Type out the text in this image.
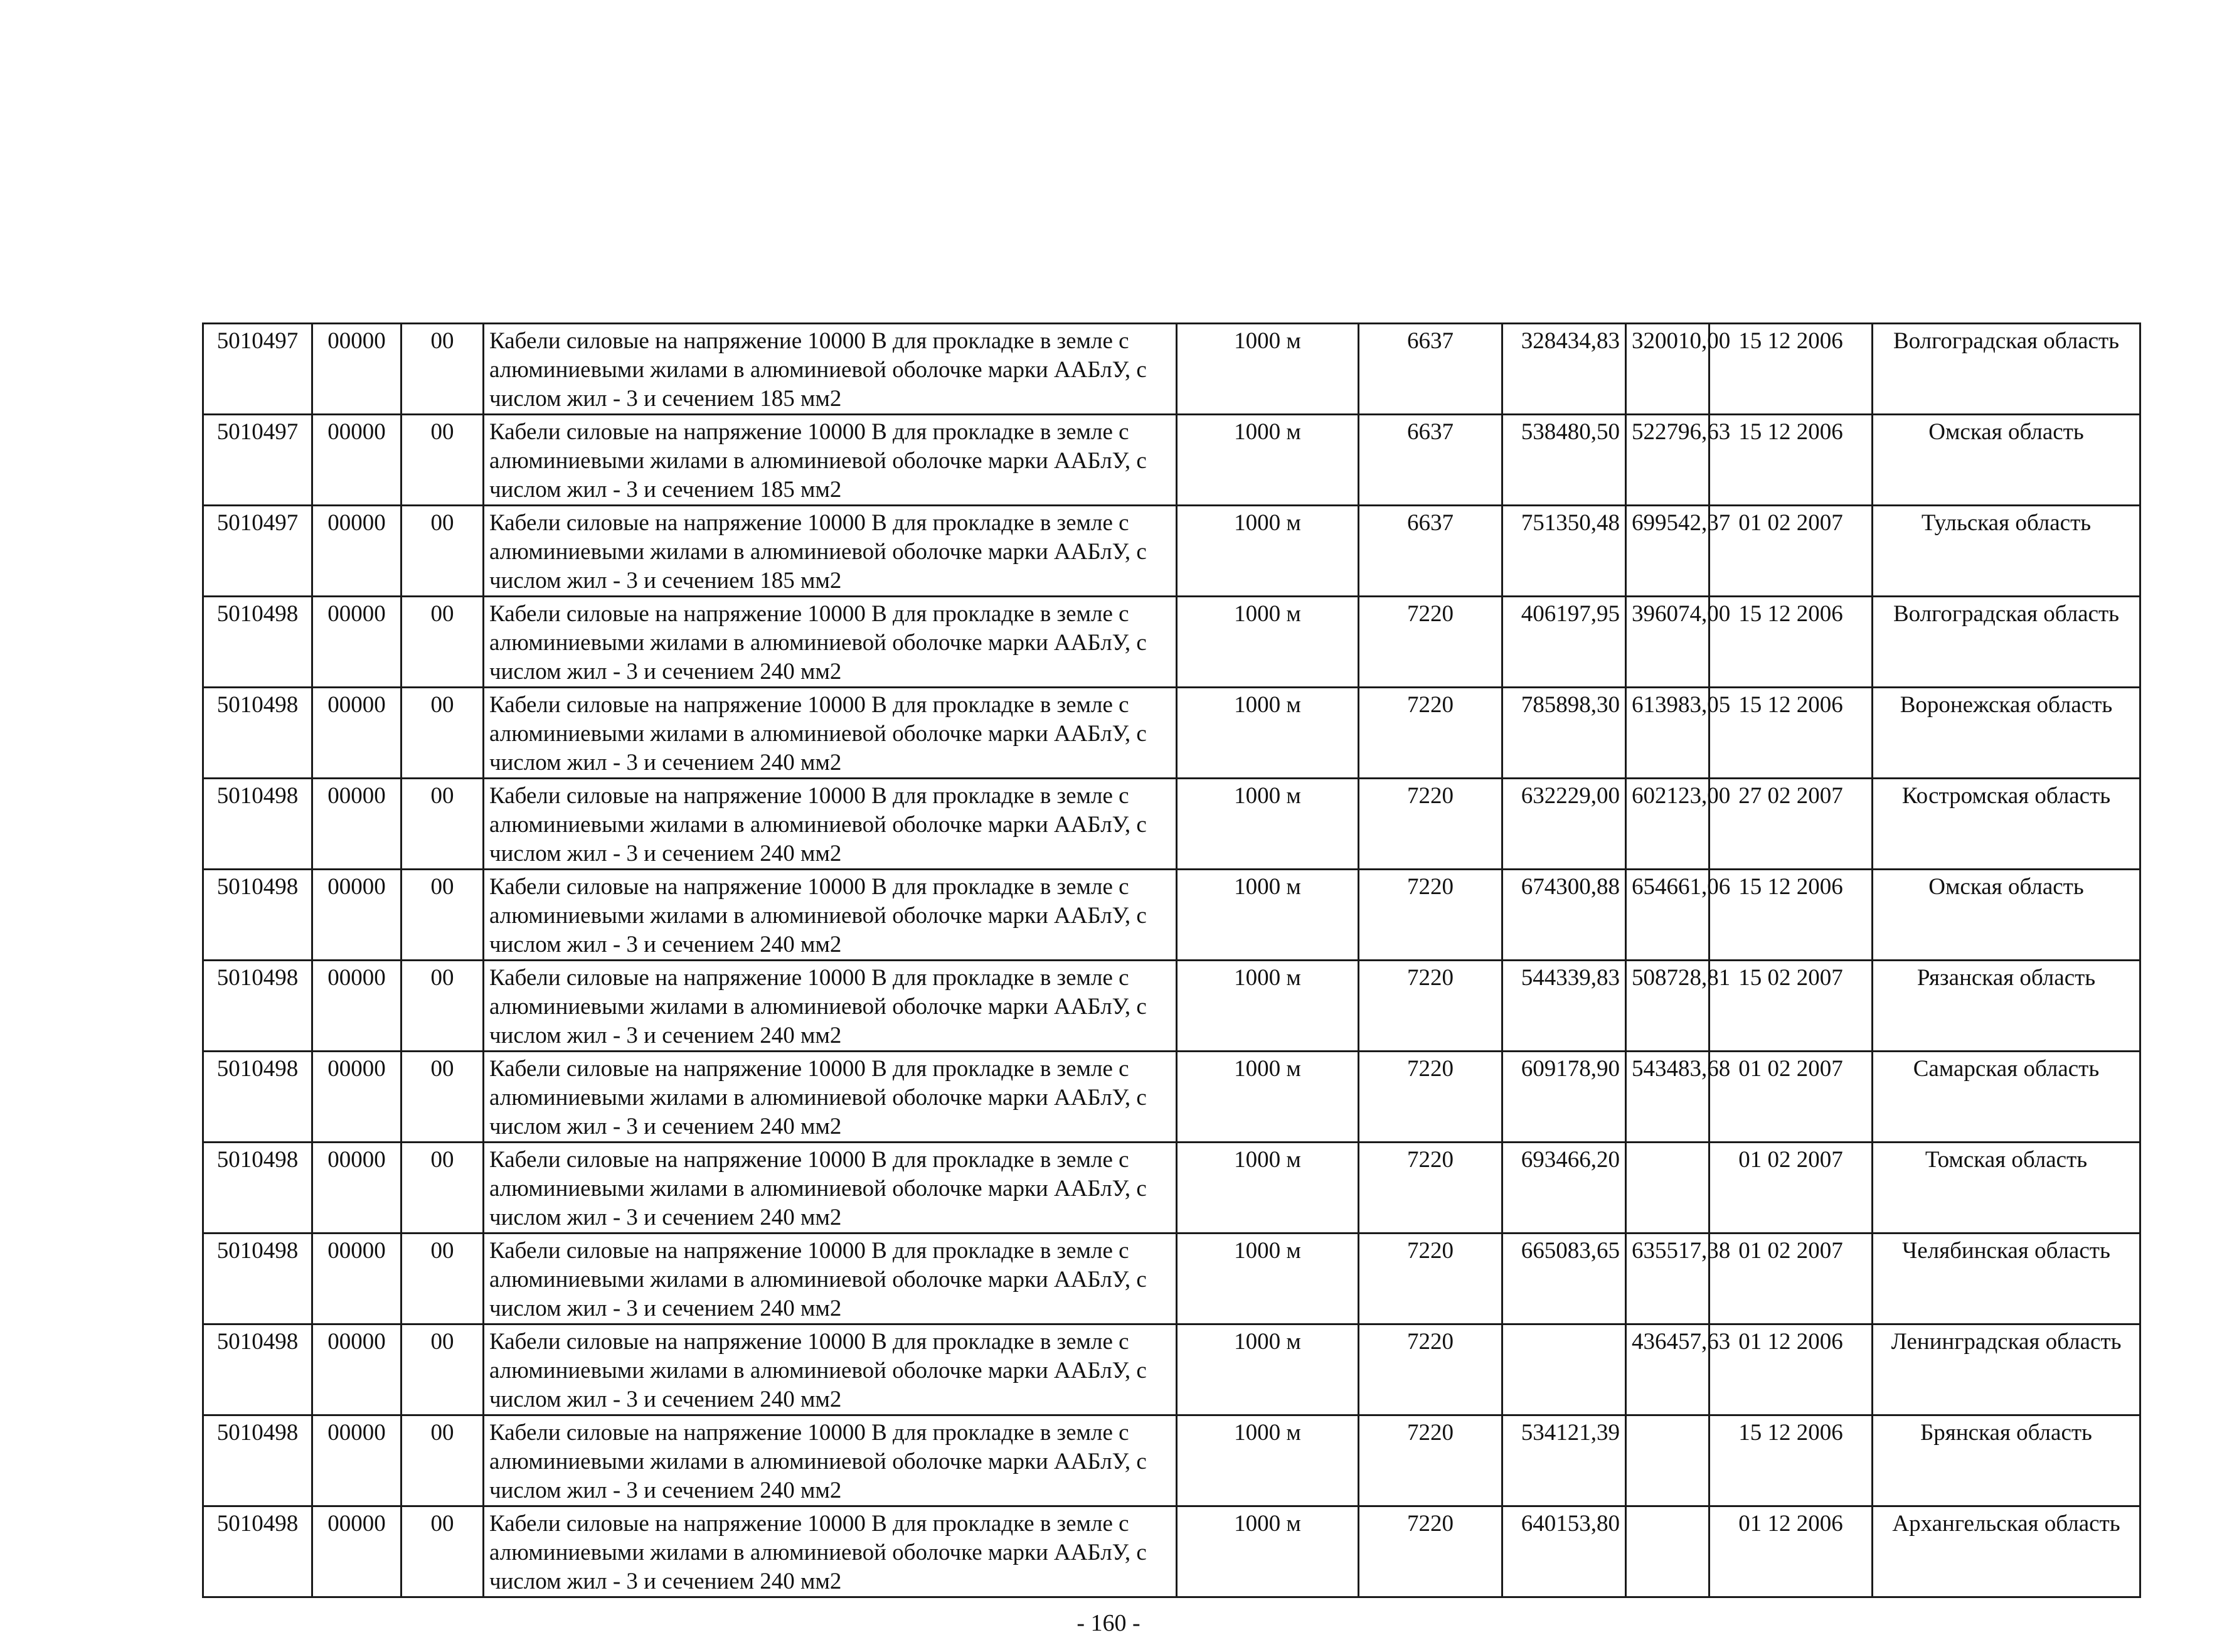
5010497	00000	00	Кабели силовые на напряжение 10000 В для прокладке в земле с алюминиевыми жилами в алюминиевой оболочке марки ААБлУ, с числом жил - 3 и сечением 185 мм2	1000 м	6637	328434,83	320010,00	15 12 2006	Волгоградская область
5010497	00000	00	Кабели силовые на напряжение 10000 В для прокладке в земле с алюминиевыми жилами в алюминиевой оболочке марки ААБлУ, с числом жил - 3 и сечением 185 мм2	1000 м	6637	538480,50	522796,63	15 12 2006	Омская область
5010497	00000	00	Кабели силовые на напряжение 10000 В для прокладке в земле с алюминиевыми жилами в алюминиевой оболочке марки ААБлУ, с числом жил - 3 и сечением 185 мм2	1000 м	6637	751350,48	699542,37	01 02 2007	Тульская область
5010498	00000	00	Кабели силовые на напряжение 10000 В для прокладке в земле с алюминиевыми жилами в алюминиевой оболочке марки ААБлУ, с числом жил - 3 и сечением 240 мм2	1000 м	7220	406197,95	396074,00	15 12 2006	Волгоградская область
5010498	00000	00	Кабели силовые на напряжение 10000 В для прокладке в земле с алюминиевыми жилами в алюминиевой оболочке марки ААБлУ, с числом жил - 3 и сечением 240 мм2	1000 м	7220	785898,30	613983,05	15 12 2006	Воронежская область
5010498	00000	00	Кабели силовые на напряжение 10000 В для прокладке в земле с алюминиевыми жилами в алюминиевой оболочке марки ААБлУ, с числом жил - 3 и сечением 240 мм2	1000 м	7220	632229,00	602123,00	27 02 2007	Костромская область
5010498	00000	00	Кабели силовые на напряжение 10000 В для прокладке в земле с алюминиевыми жилами в алюминиевой оболочке марки ААБлУ, с числом жил - 3 и сечением 240 мм2	1000 м	7220	674300,88	654661,06	15 12 2006	Омская область
5010498	00000	00	Кабели силовые на напряжение 10000 В для прокладке в земле с алюминиевыми жилами в алюминиевой оболочке марки ААБлУ, с числом жил - 3 и сечением 240 мм2	1000 м	7220	544339,83	508728,81	15 02 2007	Рязанская область
5010498	00000	00	Кабели силовые на напряжение 10000 В для прокладке в земле с алюминиевыми жилами в алюминиевой оболочке марки ААБлУ, с числом жил - 3 и сечением 240 мм2	1000 м	7220	609178,90	543483,68	01 02 2007	Самарская область
5010498	00000	00	Кабели силовые на напряжение 10000 В для прокладке в земле с алюминиевыми жилами в алюминиевой оболочке марки ААБлУ, с числом жил - 3 и сечением 240 мм2	1000 м	7220	693466,20		01 02 2007	Томская область
5010498	00000	00	Кабели силовые на напряжение 10000 В для прокладке в земле с алюминиевыми жилами в алюминиевой оболочке марки ААБлУ, с числом жил - 3 и сечением 240 мм2	1000 м	7220	665083,65	635517,38	01 02 2007	Челябинская область
5010498	00000	00	Кабели силовые на напряжение 10000 В для прокладке в земле с алюминиевыми жилами в алюминиевой оболочке марки ААБлУ, с числом жил - 3 и сечением 240 мм2	1000 м	7220		436457,63	01 12 2006	Ленинградская область
5010498	00000	00	Кабели силовые на напряжение 10000 В для прокладке в земле с алюминиевыми жилами в алюминиевой оболочке марки ААБлУ, с числом жил - 3 и сечением 240 мм2	1000 м	7220	534121,39		15 12 2006	Брянская область
5010498	00000	00	Кабели силовые на напряжение 10000 В для прокладке в земле с алюминиевыми жилами в алюминиевой оболочке марки ААБлУ, с числом жил - 3 и сечением 240 мм2	1000 м	7220	640153,80		01 12 2006	Архангельская область
- 160 -
